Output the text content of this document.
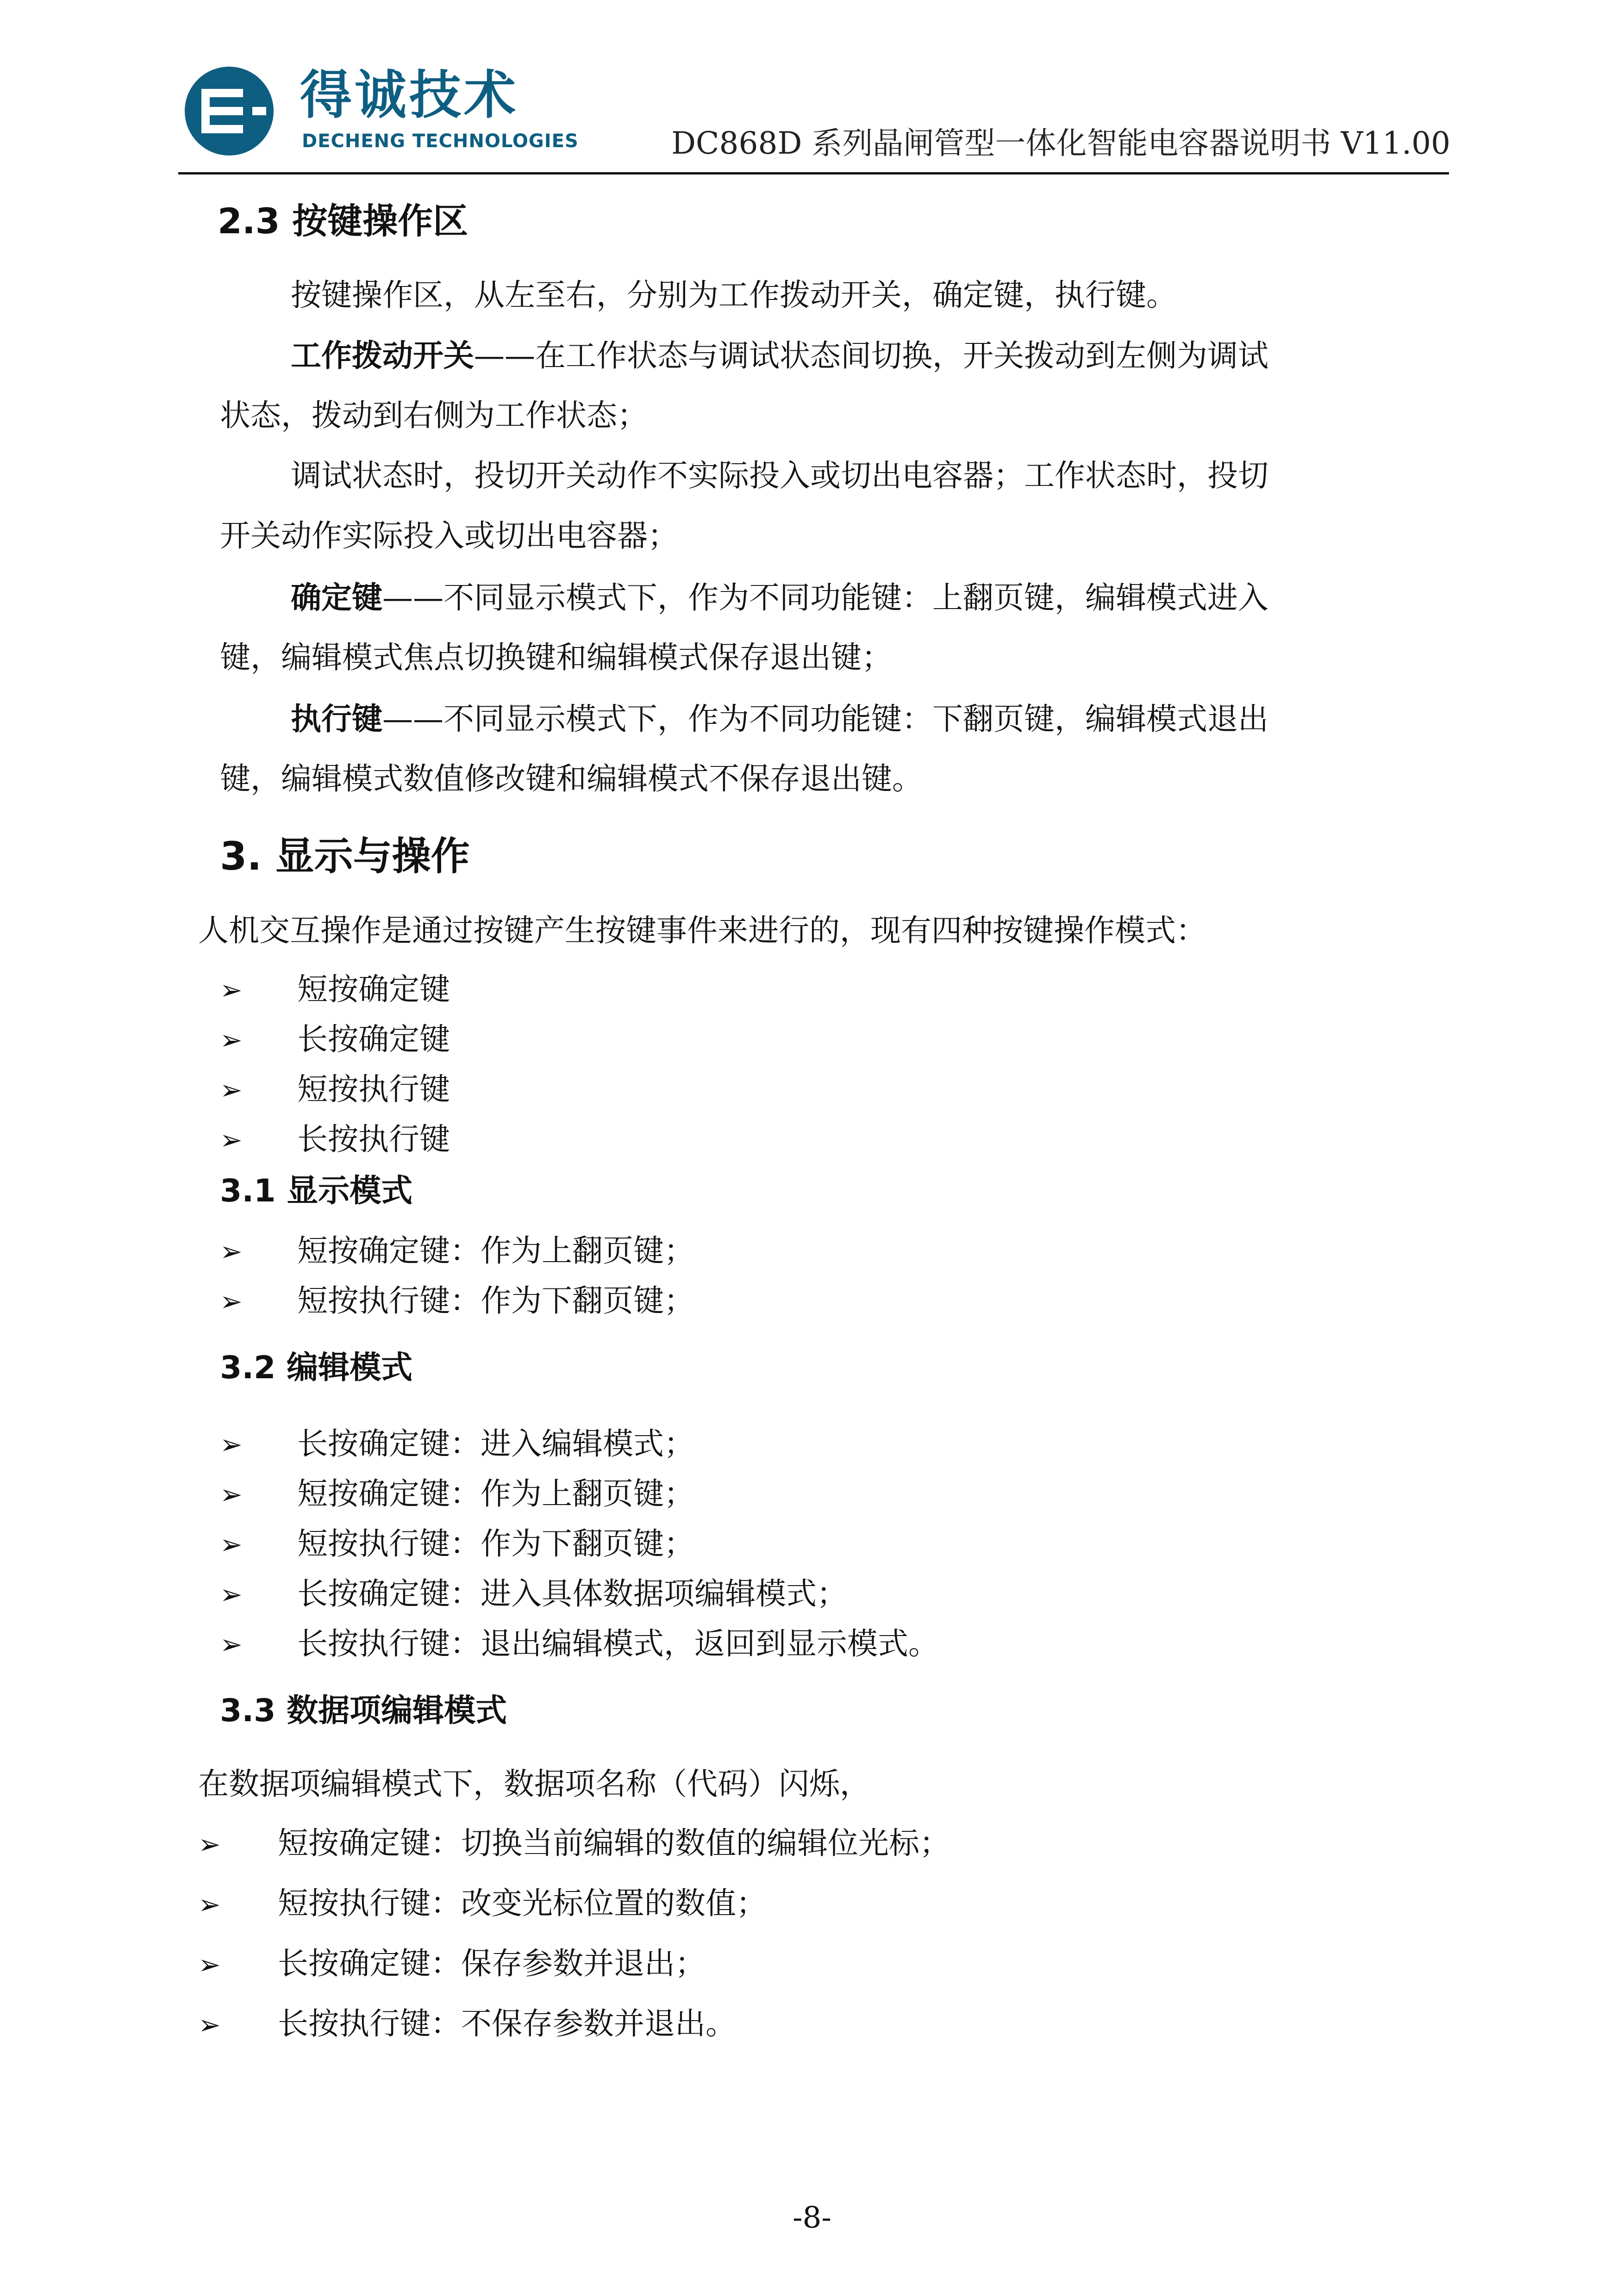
得诚技术
DECHENG TECHNOLOGIES	DC868D 系列晶闸管型一体化智能电容器说明书 V11.00
2.3 按键操作区
按键操作区，从左至右，分别为工作拨动开关，确定键，执行键。
工作拨动开关——在工作状态与调试状态间切换，开关拨动到左侧为调试
状态，拨动到右侧为工作状态；
调试状态时，投切开关动作不实际投入或切出电容器；工作状态时，投切
开关动作实际投入或切出电容器；
确定键——不同显示模式下，作为不同功能键：上翻页键，编辑模式进入
键，编辑模式焦点切换键和编辑模式保存退出键；
执行键——不同显示模式下，作为不同功能键：下翻页键，编辑模式退出
键，编辑模式数值修改键和编辑模式不保存退出键。
3. 显示与操作
人机交互操作是通过按键产生按键事件来进行的，现有四种按键操作模式：
➢ 短按确定键
➢ 长按确定键
➢ 短按执行键
➢ 长按执行键
3.1 显示模式
➢ 短按确定键：作为上翻页键；
➢ 短按执行键：作为下翻页键；
3.2 编辑模式
➢ 长按确定键：进入编辑模式；
➢ 短按确定键：作为上翻页键；
➢ 短按执行键：作为下翻页键；
➢ 长按确定键：进入具体数据项编辑模式；
➢ 长按执行键：退出编辑模式，返回到显示模式。
3.3 数据项编辑模式
在数据项编辑模式下，数据项名称（代码）闪烁，
➢ 短按确定键：切换当前编辑的数值的编辑位光标；
➢ 短按执行键：改变光标位置的数值；
➢ 长按确定键：保存参数并退出；
➢ 长按执行键：不保存参数并退出。
-8-
